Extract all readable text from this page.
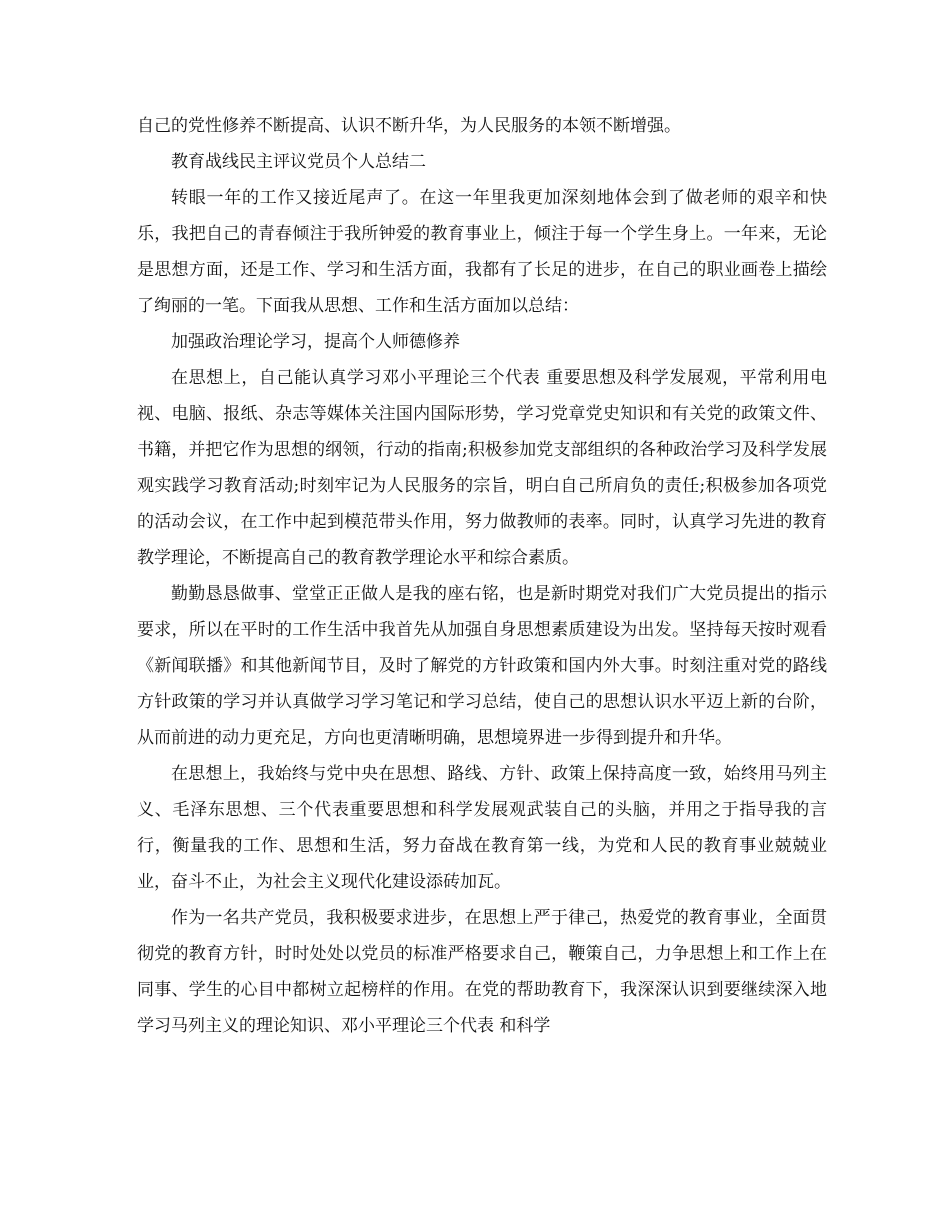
自己的党性修养不断提高、认识不断升华，为人民服务的本领不断增强。

教育战线民主评议党员个人总结二

转眼一年的工作又接近尾声了。在这一年里我更加深刻地体会到了做老师的艰辛和快乐，我把自己的青春倾注于我所钟爱的教育事业上，倾注于每一个学生身上。一年来，无论是思想方面，还是工作、学习和生活方面，我都有了长足的进步，在自己的职业画卷上描绘了绚丽的一笔。下面我从思想、工作和生活方面加以总结：

加强政治理论学习，提高个人师德修养

在思想上，自己能认真学习邓小平理论三个代表 重要思想及科学发展观，平常利用电视、电脑、报纸、杂志等媒体关注国内国际形势，学习党章党史知识和有关党的政策文件、书籍，并把它作为思想的纲领，行动的指南;积极参加党支部组织的各种政治学习及科学发展观实践学习教育活动;时刻牢记为人民服务的宗旨，明白自己所肩负的责任;积极参加各项党的活动会议，在工作中起到模范带头作用，努力做教师的表率。同时，认真学习先进的教育教学理论，不断提高自己的教育教学理论水平和综合素质。

勤勤恳恳做事、堂堂正正做人是我的座右铭，也是新时期党对我们广大党员提出的指示要求，所以在平时的工作生活中我首先从加强自身思想素质建设为出发。坚持每天按时观看《新闻联播》和其他新闻节目，及时了解党的方针政策和国内外大事。时刻注重对党的路线方针政策的学习并认真做学习学习笔记和学习总结，使自己的思想认识水平迈上新的台阶，从而前进的动力更充足，方向也更清晰明确，思想境界进一步得到提升和升华。

在思想上，我始终与党中央在思想、路线、方针、政策上保持高度一致，始终用马列主义、毛泽东思想、三个代表重要思想和科学发展观武装自己的头脑，并用之于指导我的言行，衡量我的工作、思想和生活，努力奋战在教育第一线，为党和人民的教育事业兢兢业业，奋斗不止，为社会主义现代化建设添砖加瓦。

作为一名共产党员，我积极要求进步，在思想上严于律己，热爱党的教育事业，全面贯彻党的教育方针，时时处处以党员的标准严格要求自己，鞭策自己，力争思想上和工作上在同事、学生的心目中都树立起榜样的作用。在党的帮助教育下，我深深认识到要继续深入地学习马列主义的理论知识、邓小平理论三个代表 和科学
